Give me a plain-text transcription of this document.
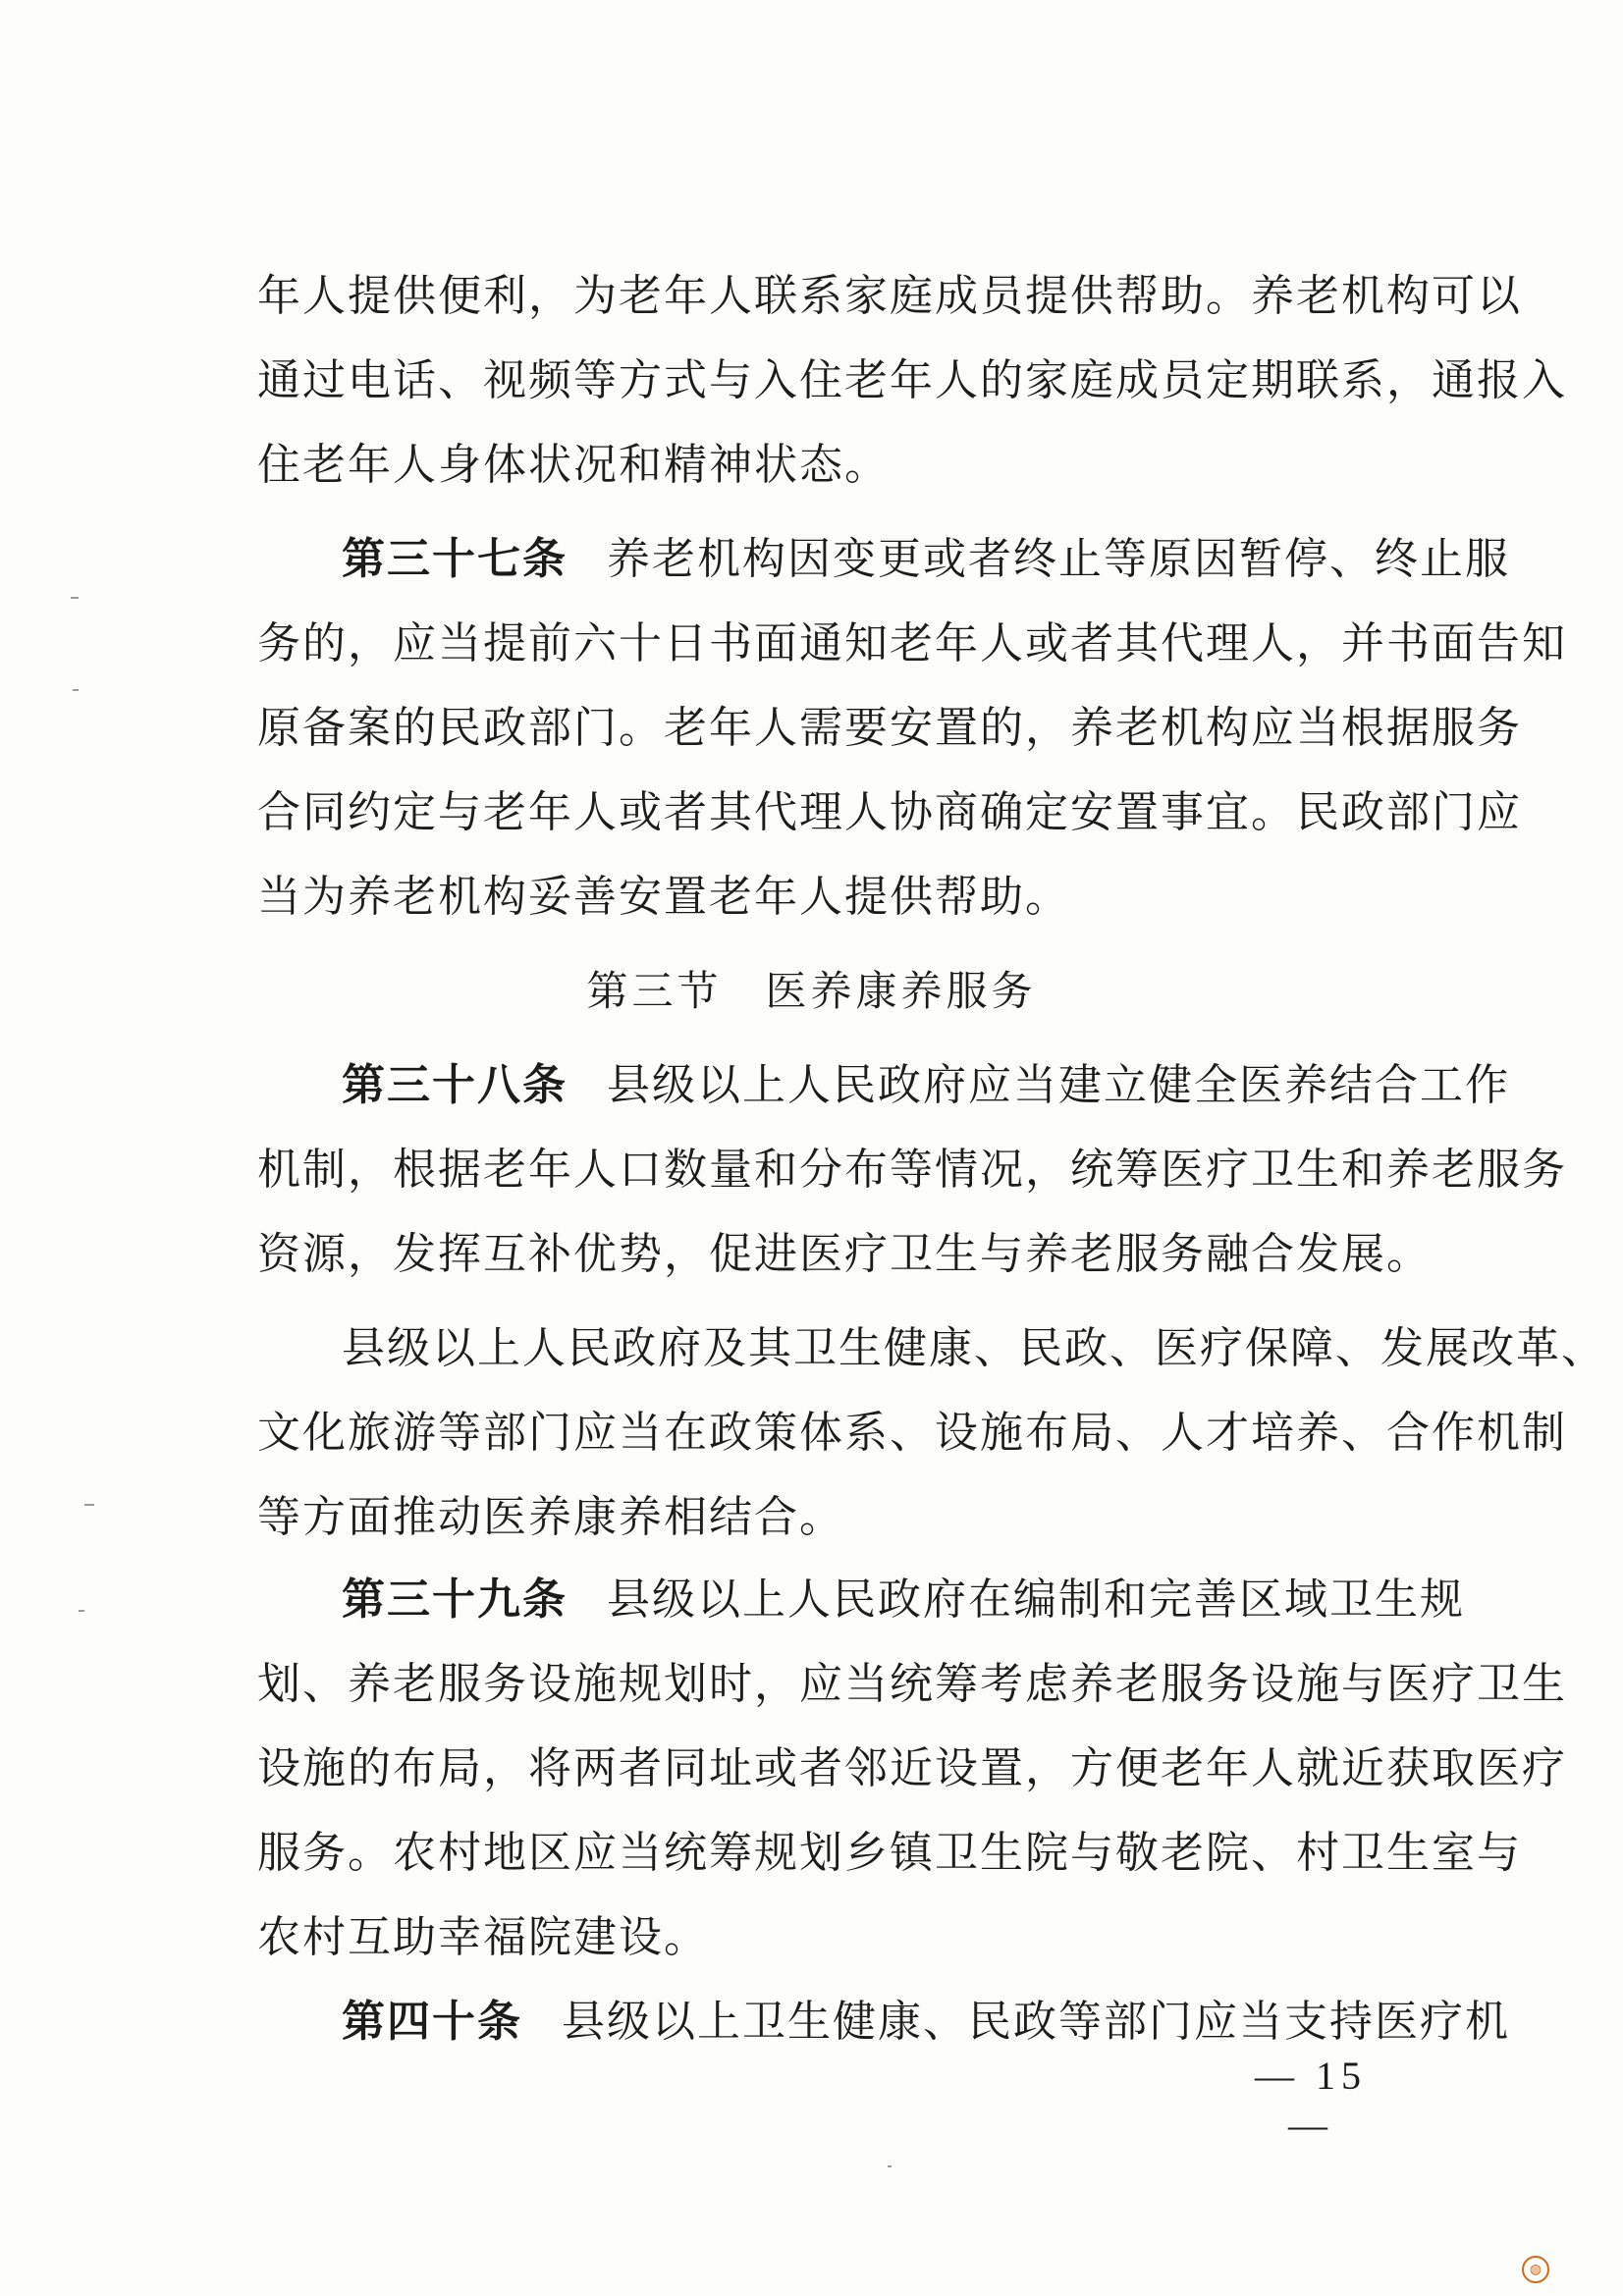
年人提供便利，为老年人联系家庭成员提供帮助。养老机构可以
通过电话、视频等方式与入住老年人的家庭成员定期联系，通报入
住老年人身体状况和精神状态。
第三十七条 养老机构因变更或者终止等原因暂停、终止服
务的，应当提前六十日书面通知老年人或者其代理人，并书面告知
原备案的民政部门。老年人需要安置的，养老机构应当根据服务
合同约定与老年人或者其代理人协商确定安置事宜。民政部门应
当为养老机构妥善安置老年人提供帮助。
第三节 医养康养服务
第三十八条 县级以上人民政府应当建立健全医养结合工作
机制，根据老年人口数量和分布等情况，统筹医疗卫生和养老服务
资源，发挥互补优势，促进医疗卫生与养老服务融合发展。
县级以上人民政府及其卫生健康、民政、医疗保障、发展改革、
文化旅游等部门应当在政策体系、设施布局、人才培养、合作机制
等方面推动医养康养相结合。
第三十九条 县级以上人民政府在编制和完善区域卫生规
划、养老服务设施规划时，应当统筹考虑养老服务设施与医疗卫生
设施的布局，将两者同址或者邻近设置，方便老年人就近获取医疗
服务。农村地区应当统筹规划乡镇卫生院与敬老院、村卫生室与
农村互助幸福院建设。
第四十条 县级以上卫生健康、民政等部门应当支持医疗机
— 15 —
◍
